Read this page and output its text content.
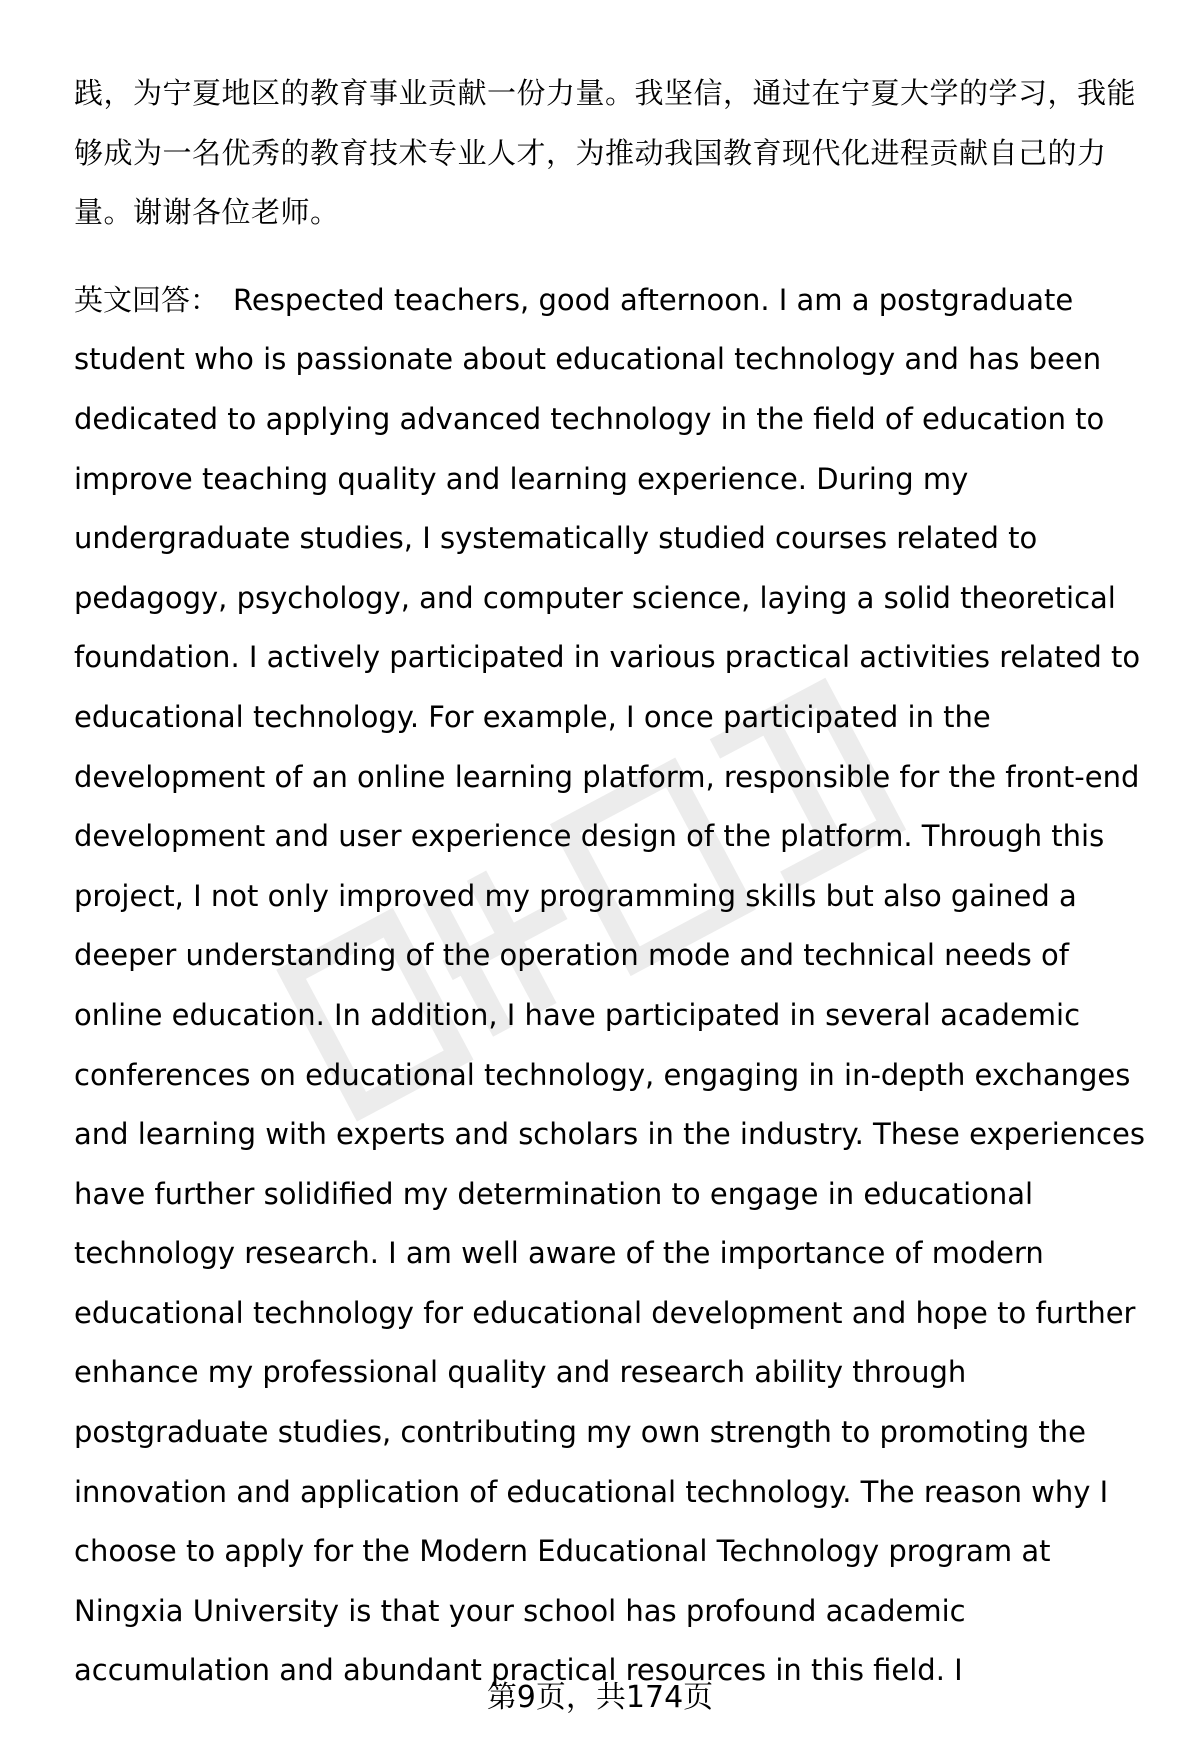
践，为宁夏地区的教育事业贡献一份力量。我坚信，通过在宁夏大学的学习，我能够成为一名优秀的教育技术专业人才，为推动我国教育现代化进程贡献自己的力量。谢谢各位老师。

英文回答： Respected teachers, good afternoon. I am a postgraduate student who is passionate about educational technology and has been dedicated to applying advanced technology in the field of education to improve teaching quality and learning experience. During my undergraduate studies, I systematically studied courses related to pedagogy, psychology, and computer science, laying a solid theoretical foundation. I actively participated in various practical activities related to educational technology. For example, I once participated in the development of an online learning platform, responsible for the front-end development and user experience design of the platform. Through this project, I not only improved my programming skills but also gained a deeper understanding of the operation mode and technical needs of online education. In addition, I have participated in several academic conferences on educational technology, engaging in in-depth exchanges and learning with experts and scholars in the industry. These experiences have further solidified my determination to engage in educational technology research. I am well aware of the importance of modern educational technology for educational development and hope to further enhance my professional quality and research ability through postgraduate studies, contributing my own strength to promoting the innovation and application of educational technology. The reason why I choose to apply for the Modern Educational Technology program at Ningxia University is that your school has profound academic accumulation and abundant practical resources in this field. I

第9页，共174页
